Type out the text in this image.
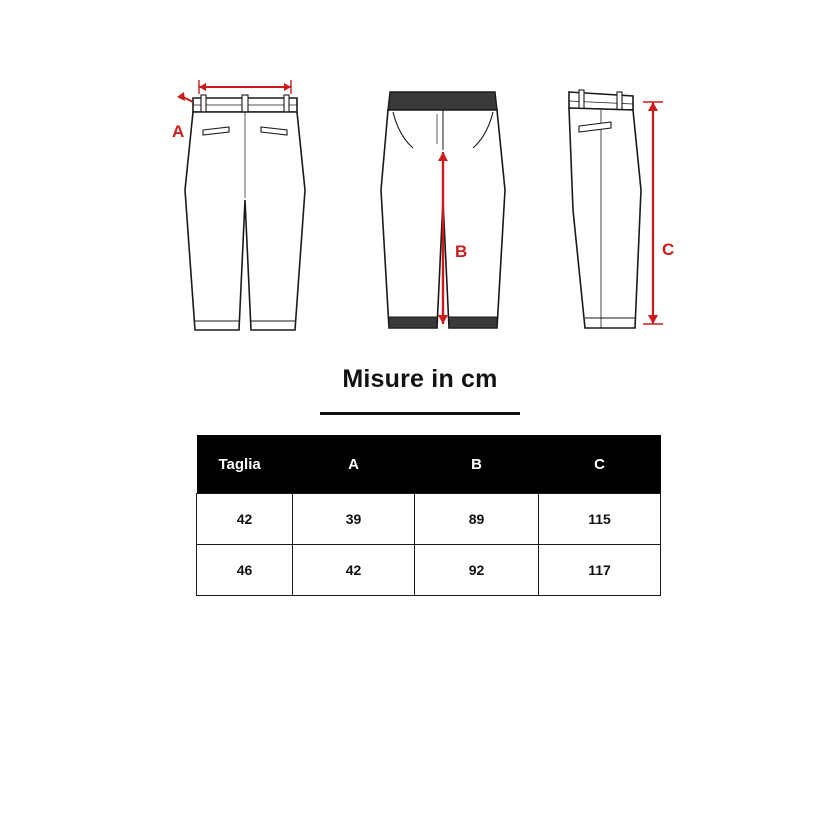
A
B	C
Misure in cm
Taglia	A	B	C
42	39	89	115
46	42	92	117
